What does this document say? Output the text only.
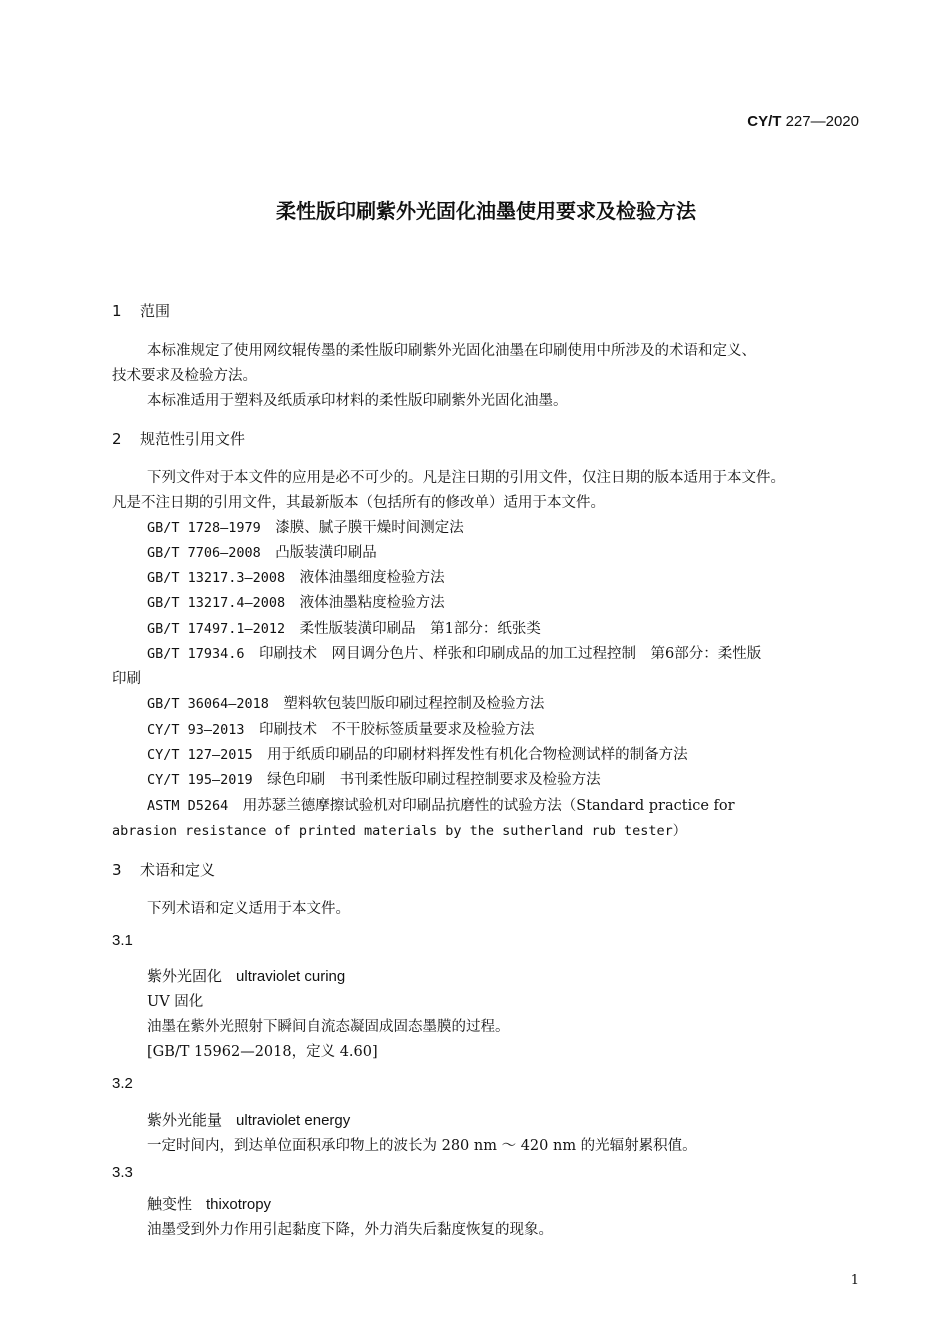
CY/T 227—2020
柔性版印刷紫外光固化油墨使用要求及检验方法
1 范围
本标准规定了使用网纹辊传墨的柔性版印刷紫外光固化油墨在印刷使用中所涉及的术语和定义、
技术要求及检验方法。
本标准适用于塑料及纸质承印材料的柔性版印刷紫外光固化油墨。
2 规范性引用文件
下列文件对于本文件的应用是必不可少的。凡是注日期的引用文件，仅注日期的版本适用于本文件。
凡是不注日期的引用文件，其最新版本（包括所有的修改单）适用于本文件。
GB/T 1728—1979　 漆膜、腻子膜干燥时间测定法
GB/T 7706—2008　 凸版装潢印刷品
GB/T 13217.3—2008　 液体油墨细度检验方法
GB/T 13217.4—2008　 液体油墨粘度检验方法
GB/T 17497.1—2012　 柔性版装潢印刷品　第1部分：纸张类
GB/T 17934.6　 印刷技术　网目调分色片、样张和印刷成品的加工过程控制　第6部分：柔性版
印刷
GB/T 36064—2018　 塑料软包装凹版印刷过程控制及检验方法
CY/T 93—2013　 印刷技术　不干胶标签质量要求及检验方法
CY/T 127—2015　 用于纸质印刷品的印刷材料挥发性有机化合物检测试样的制备方法
CY/T 195—2019　 绿色印刷　书刊柔性版印刷过程控制要求及检验方法
ASTM D5264　 用苏瑟兰德摩擦试验机对印刷品抗磨性的试验方法（Standard practice for
abrasion resistance of printed materials by the sutherland rub tester）
3 术语和定义
下列术语和定义适用于本文件。
3.1
紫外光固化 ultraviolet curing
UV 固化
油墨在紫外光照射下瞬间自流态凝固成固态墨膜的过程。
[GB/T 15962—2018，定义 4.60]
3.2
紫外光能量 ultraviolet energy
一定时间内，到达单位面积承印物上的波长为 280 nm ～ 420 nm 的光辐射累积值。
3.3
触变性 thixotropy
油墨受到外力作用引起黏度下降，外力消失后黏度恢复的现象。
1
